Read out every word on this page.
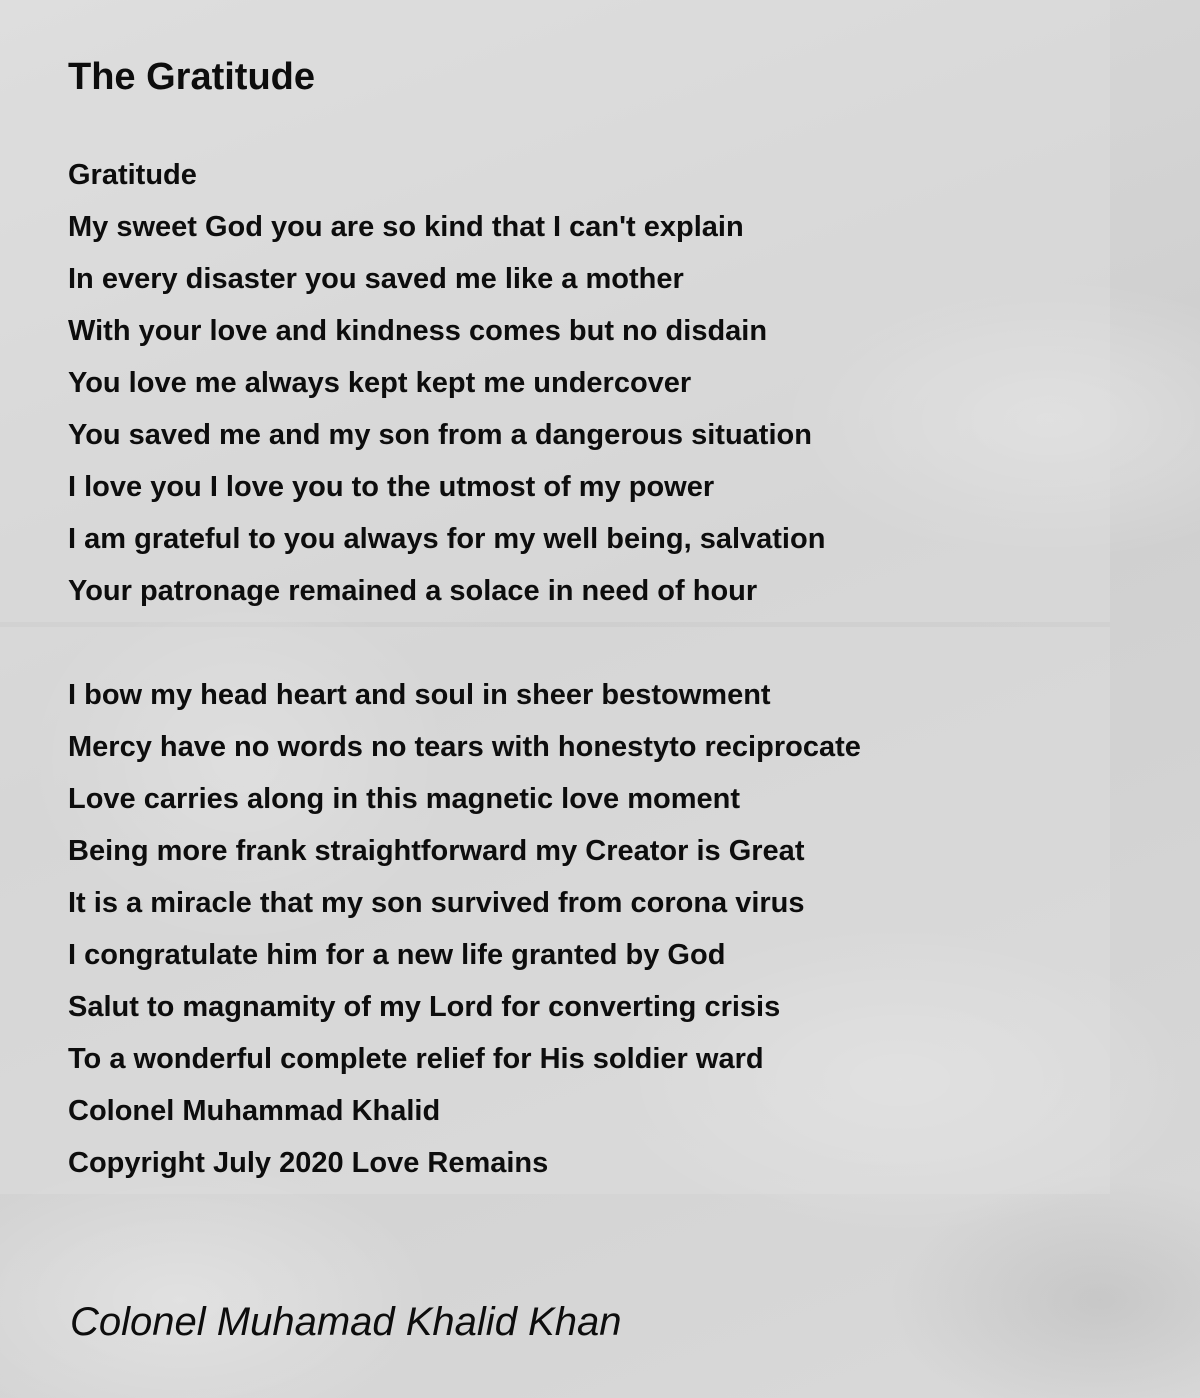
The Gratitude
Gratitude
My sweet God you are so kind that I can't explain
In every disaster you saved me like a mother
With your love and kindness comes but no disdain
You love me always kept kept me undercover
You saved me and my son from a dangerous situation
I love you I love you to the utmost of my power
I am grateful to you always for my well being, salvation
Your patronage remained a solace in need of hour
I bow my head heart and soul in sheer bestowment
Mercy have no words no tears with honestyto reciprocate
Love carries along in this magnetic love moment
Being more frank straightforward my Creator is Great
It is a miracle that my son survived from corona virus
I congratulate him for a new life granted by God
Salut to magnamity of my Lord for converting crisis
To a wonderful complete relief for His soldier ward
Colonel Muhammad Khalid
Copyright July 2020 Love Remains
Colonel Muhamad Khalid Khan
